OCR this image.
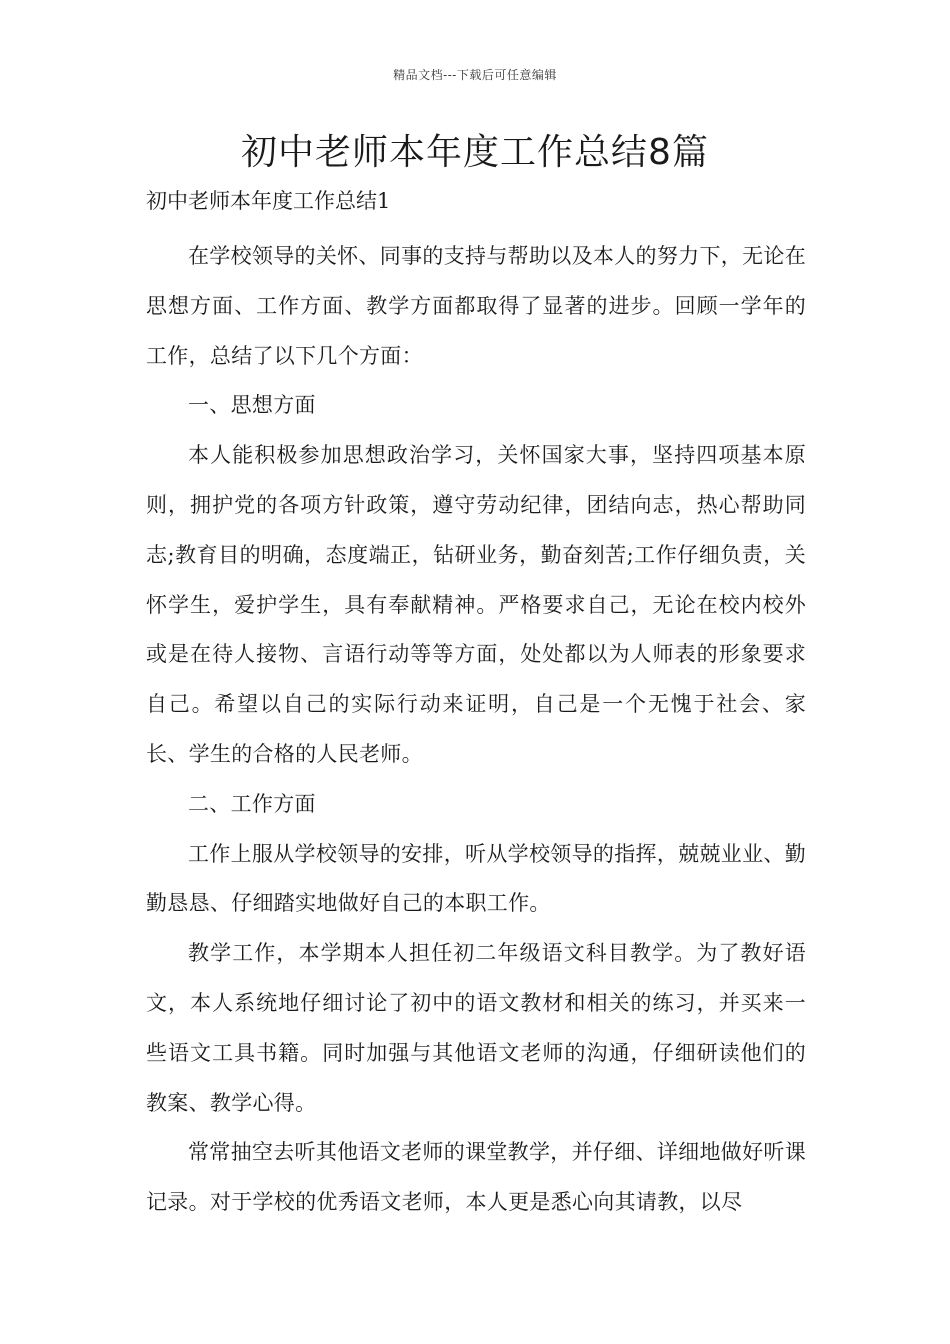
精品文档---下载后可任意编辑
初中老师本年度工作总结8篇

初中老师本年度工作总结1

在学校领导的关怀、同事的支持与帮助以及本人的努力下，无论在思想方面、工作方面、教学方面都取得了显著的进步。回顾一学年的工作，总结了以下几个方面：

一、思想方面

本人能积极参加思想政治学习，关怀国家大事，坚持四项基本原则，拥护党的各项方针政策，遵守劳动纪律，团结向志，热心帮助同志;教育目的明确，态度端正，钻研业务，勤奋刻苦;工作仔细负责，关怀学生，爱护学生，具有奉献精神。严格要求自己，无论在校内校外或是在待人接物、言语行动等等方面，处处都以为人师表的形象要求自己。希望以自己的实际行动来证明，自己是一个无愧于社会、家长、学生的合格的人民老师。

二、工作方面

工作上服从学校领导的安排，听从学校领导的指挥，兢兢业业、勤勤恳恳、仔细踏实地做好自己的本职工作。

教学工作，本学期本人担任初二年级语文科目教学。为了教好语文，本人系统地仔细讨论了初中的语文教材和相关的练习，并买来一些语文工具书籍。同时加强与其他语文老师的沟通，仔细研读他们的教案、教学心得。

常常抽空去听其他语文老师的课堂教学，并仔细、详细地做好听课记录。对于学校的优秀语文老师，本人更是悉心向其请教，以尽
